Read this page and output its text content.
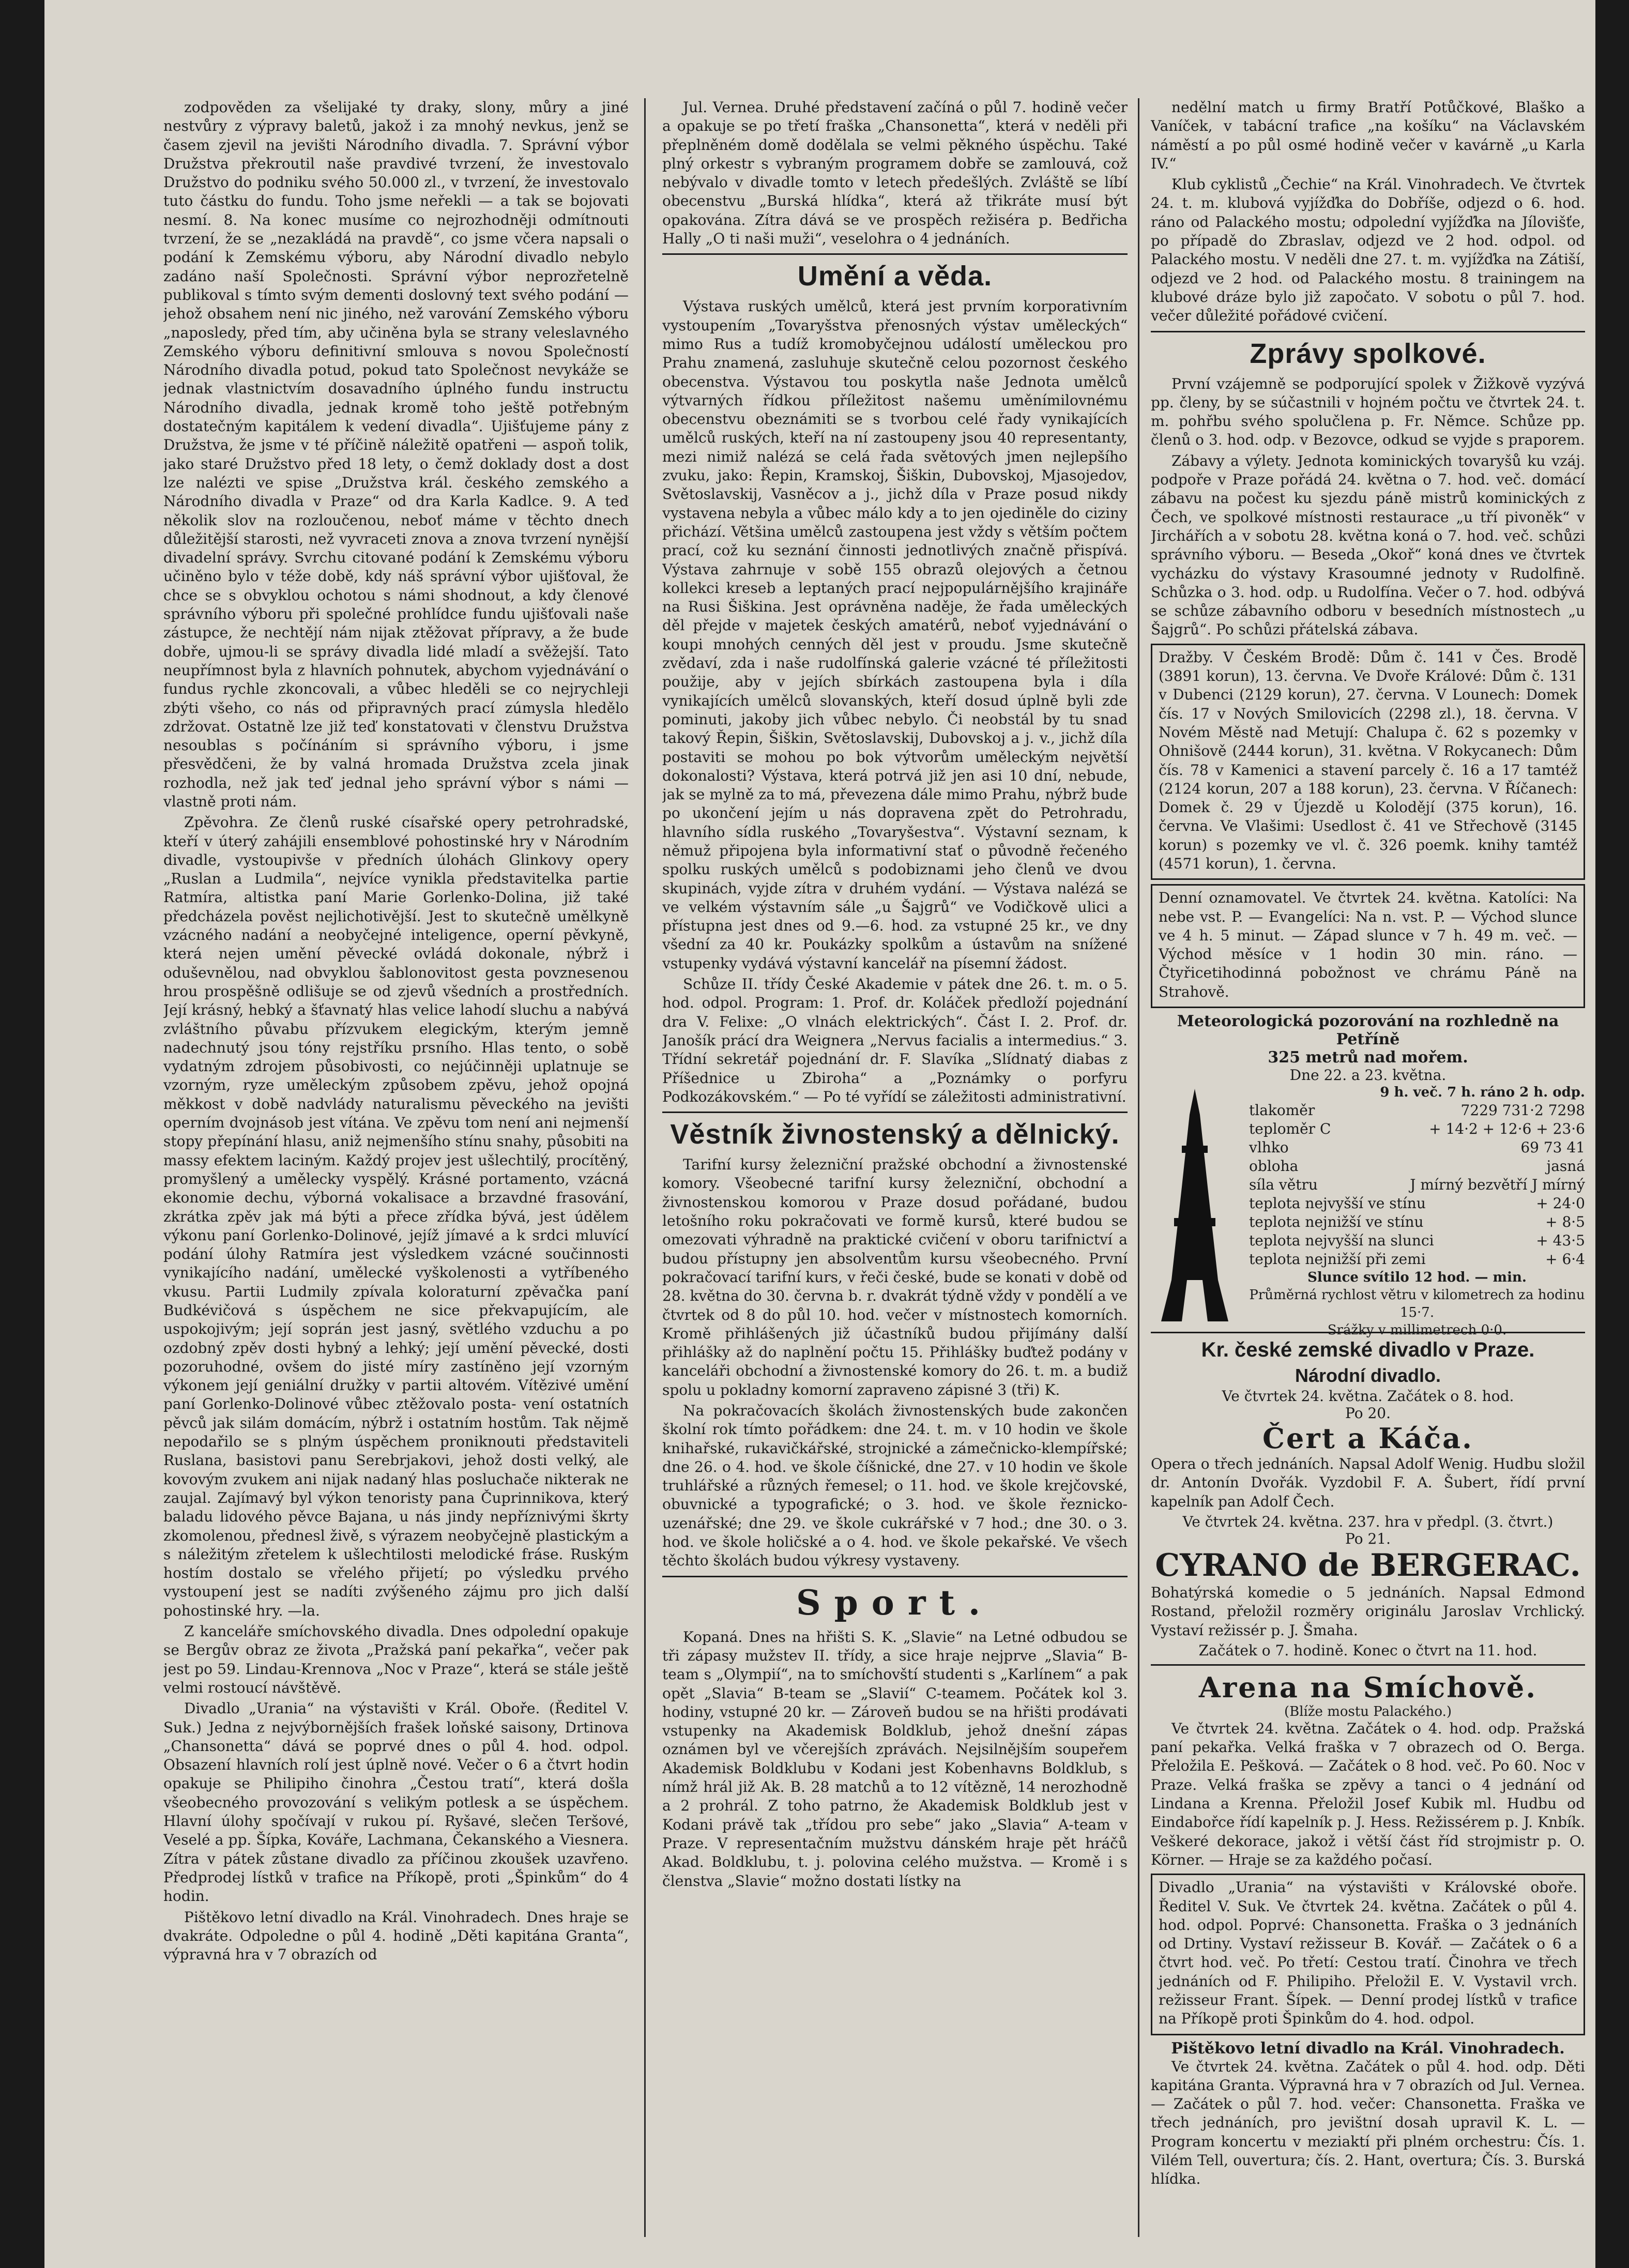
zodpověden za všelijaké ty draky, slony, můry a jiné nestvůry z výpravy baletů, jakož i za mnohý nevkus, jenž se časem zjevil na jevišti Národního divadla. 7. Správní výbor Družstva překroutil naše pravdivé tvrzení, že investovalo Družstvo do podniku svého 50.000 zl., v tvrzení, že investovalo tuto částku do fundu. Toho jsme neřekli — a tak se bojovati nesmí. 8. Na konec musíme co nejrozhodněji odmítnouti tvrzení, že se „nezakládá na pravdě“, co jsme včera napsali o podání k Zemskému výboru, aby Národní divadlo nebylo zadáno naší Společnosti. Správní výbor neprozřetelně publikoval s tímto svým dementi doslovný text svého podání — jehož obsahem není nic jiného, než varování Zemského výboru „naposledy, před tím, aby učiněna byla se strany veleslavného Zemského výboru definitivní smlouva s novou Společností Národního divadla potud, pokud tato Společnost nevykáže se jednak vlastnictvím dosavadního úplného fundu instructu Národního divadla, jednak kromě toho ještě potřebným dostatečným kapitálem k vedení divadla“. Ujišťujeme pány z Družstva, že jsme v té příčině náležitě opatřeni — aspoň tolik, jako staré Družstvo před 18 lety, o čemž doklady dost a dost lze nalézti ve spise „Družstva král. českého zemského a Národního divadla v Praze“ od dra Karla Kadlce. 9. A teď několik slov na rozloučenou, neboť máme v těchto dnech důležitější starosti, než vyvraceti znova a znova tvrzení nynější divadelní správy. Svrchu citované podání k Zemskému výboru učiněno bylo v téže době, kdy náš správní výbor ujišťoval, že chce se s obvyklou ochotou s námi shodnout, a kdy členové správního výboru při společné prohlídce fundu ujišťovali naše zástupce, že nechtějí nám nijak ztěžovat přípravy, a že bude dobře, ujmou-li se správy divadla lidé mladí a svěžejší. Tato neupřímnost byla z hlavních pohnutek, abychom vyjednávání o fundus rychle zkoncovali, a vůbec hleděli se co nejrychleji zbýti všeho, co nás od připravných prací zúmysla hledělo zdržovat. Ostatně lze již teď konstatovati v členstvu Družstva nesoublas s počínáním si správního výboru, i jsme přesvědčeni, že by valná hromada Družstva zcela jinak rozhodla, než jak teď jednal jeho správní výbor s námi — vlastně proti nám.

Zpěvohra. Ze členů ruské císařské opery petrohradské, kteří v úterý zahájili ensemblové pohostinské hry v Národním divadle, vystoupivše v předních úlohách Glinkovy opery „Ruslan a Ludmila“, nejvíce vynikla představitelka partie Ratmíra, altistka paní Marie Gorlenko-Dolina, již také předcházela pověst nejlichotivější. Jest to skutečně umělkyně vzácného nadání a neobyčejné inteligence, operní pěvkyně, která nejen umění pěvecké ovládá dokonale, nýbrž i oduševnělou, nad obvyklou šablonovitost gesta povznesenou hrou prospěšně odlišuje se od zjevů všedních a prostředních. Její krásný, hebký a šťavnatý hlas velice lahodí sluchu a nabývá zvláštního půvabu přízvukem elegickým, kterým jemně nadechnutý jsou tóny rejstříku prsního. Hlas tento, o sobě vydatným zdrojem působivosti, co nejúčinněji uplatnuje se vzorným, ryze uměleckým způsobem zpěvu, jehož opojná měkkost v době nadvlády naturalismu pěveckého na jevišti operním dvojnásob jest vítána. Ve zpěvu tom není ani nejmenší stopy přepínání hlasu, aniž nejmenšího stínu snahy, působiti na massy efektem laciným. Každý projev jest ušlechtilý, procítěný, promyšlený a umělecky vyspělý. Krásné portamento, vzácná ekonomie dechu, výborná vokalisace a brzavdné frasování, zkrátka zpěv jak má býti a přece zřídka bývá, jest údělem výkonu paní Gorlenko-Dolinové, jejíž jímavé a k srdci mluvící podání úlohy Ratmíra jest výsledkem vzácné součinnosti vynikajícího nadání, umělecké vyškolenosti a vytříbeného vkusu. Partii Ludmily zpívala koloraturní zpěvačka paní Budkévičová s úspěchem ne sice překvapujícím, ale uspokojivým; její soprán jest jasný, světlého vzduchu a po ozdobný zpěv dosti hybný a lehký; její umění pěvecké, dosti pozoruhodné, ovšem do jisté míry zastíněno její vzorným výkonem její geniální družky v partii altovém. Vítězivé umění paní Gorlenko-Dolinové vůbec ztěžovalo posta- vení ostatních pěvců jak silám domácím, nýbrž i ostatním hostům. Tak nějmě nepodařilo se s plným úspěchem proniknouti představiteli Ruslana, basistovi panu Serebrjakovi, jehož dosti velký, ale kovovým zvukem ani nijak nadaný hlas posluchače nikterak ne zaujal. Zajímavý byl výkon tenoristy pana Čuprinnikova, který baladu lidového pěvce Bajana, u nás jindy nepříznivými škrty zkomolenou, přednesl živě, s výrazem neobyčejně plastickým a s náležitým zřetelem k ušlechtilosti melodické fráse. Ruským hostím dostalo se vřelého přijetí; po výsledku prvého vystoupení jest se nadíti zvýšeného zájmu pro jich další pohostinské hry. —la.

Z kanceláře smíchovského divadla. Dnes odpolední opakuje se Bergův obraz ze života „Pražská paní pekařka“, večer pak jest po 59. Lindau-Krennova „Noc v Praze“, která se stále ještě velmi rostoucí návštěvě.

Divadlo „Urania“ na výstavišti v Král. Oboře. (Ředitel V. Suk.) Jedna z nejvýbornějších frašek loňské saisony, Drtinova „Chansonetta“ dává se poprvé dnes o půl 4. hod. odpol. Obsazení hlavních rolí jest úplně nové. Večer o 6 a čtvrt hodin opakuje se Philipiho činohra „Čestou tratí“, která došla všeobecného provozování s velikým potlesk a se úspěchem. Hlavní úlohy spočívají v rukou pí. Ryšavé, slečen Teršové, Veselé a pp. Šípka, Kováře, Lachmana, Čekanského a Viesnera. Zítra v pátek zůstane divadlo za příčinou zkoušek uzavřeno. Předprodej lístků v trafice na Příkopě, proti „Špinkům“ do 4 hodin.

Pištěkovo letní divadlo na Král. Vinohradech. Dnes hraje se dvakráte. Odpoledne o půl 4. hodině „Děti kapitána Granta“, výpravná hra v 7 obrazích od

Jul. Vernea. Druhé představení začíná o půl 7. hodině večer a opakuje se po třetí fraška „Chansonetta“, která v neděli při přeplněném domě dodělala se velmi pěkného úspěchu. Také plný orkestr s vybraným programem dobře se zamlouvá, což nebývalo v divadle tomto v letech předešlých. Zvláště se líbí obecenstvu „Burská hlídka“, která až třikráte musí být opakována. Zítra dává se ve prospěch režiséra p. Bedřicha Hally „O ti naši muži“, veselohra o 4 jednáních.

Umění a věda.

Výstava ruských umělců, která jest prvním korporativním vystoupením „Tovaryšstva přenosných výstav uměleckých“ mimo Rus a tudíž kromobyčejnou událostí uměleckou pro Prahu znamená, zasluhuje skutečně celou pozornost českého obecenstva. Výstavou tou poskytla naše Jednota umělců výtvarných řídkou příležitost našemu uměnímilovnému obecenstvu obeznámiti se s tvorbou celé řady vynikajících umělců ruských, kteří na ní zastoupeny jsou 40 representanty, mezi nimiž nalézá se celá řada světových jmen nejlepšího zvuku, jako: Řepin, Kramskoj, Šiškin, Dubovskoj, Mjasojedov, Světoslavskij, Vasněcov a j., jichž díla v Praze posud nikdy vystavena nebyla a vůbec málo kdy a to jen ojediněle do ciziny přichází. Většina umělců zastoupena jest vždy s větším počtem prací, což ku seznání činnosti jednotlivých značně přispívá. Výstava zahrnuje v sobě 155 obrazů olejových a četnou kollekci kreseb a leptaných prací nejpopulárnějšího krajináře na Rusi Šiškina. Jest oprávněna naděje, že řada uměleckých děl přejde v majetek českých amatérů, neboť vyjednávání o koupi mnohých cenných děl jest v proudu. Jsme skutečně zvědaví, zda i naše rudolfínská galerie vzácné té příležitosti použije, aby v jejích sbírkách zastoupena byla i díla vynikajících umělců slovanských, kteří dosud úplně byli zde pominuti, jakoby jich vůbec nebylo. Či neobstál by tu snad takový Řepin, Šiškin, Světoslavskij, Dubovskoj a j. v., jichž díla postaviti se mohou po bok výtvorům uměleckým největší dokonalosti? Výstava, která potrvá již jen asi 10 dní, nebude, jak se mylně za to má, převezena dále mimo Prahu, nýbrž bude po ukončení jejím u nás dopravena zpět do Petrohradu, hlavního sídla ruského „Tovaryšestva“. Výstavní seznam, k němuž připojena byla informativní stať o původně řečeného spolku ruských umělců s podobiznami jeho členů ve dvou skupinách, vyjde zítra v druhém vydání. — Výstava nalézá se ve velkém výstavním sále „u Šajgrů“ ve Vodičkově ulici a přístupna jest dnes od 9.—6. hod. za vstupné 25 kr., ve dny všední za 40 kr. Poukázky spolkům a ústavům na snížené vstupenky vydává výstavní kancelář na písemní žádost.

Schůze II. třídy České Akademie v pátek dne 26. t. m. o 5. hod. odpol. Program: 1. Prof. dr. Koláček předloží pojednání dra V. Felixe: „O vlnách elektrických“. Část I. 2. Prof. dr. Janošík prácí dra Weignera „Nervus facialis a intermedius.“ 3. Třídní sekretář pojednání dr. F. Slavíka „Slídnatý diabas z Příšednice u Zbiroha“ a „Poznámky o porfyru Podkozákovském.“ — Po té vyřídí se záležitosti administrativní.

Věstník živnostenský a dělnický.

Tarifní kursy železniční pražské obchodní a živnostenské komory. Všeobecné tarifní kursy železniční, obchodní a živnostenskou komorou v Praze dosud pořádané, budou letošního roku pokračovati ve formě kursů, které budou se omezovati výhradně na praktické cvičení v oboru tarifnictví a budou přístupny jen absolventům kursu všeobecného. První pokračovací tarifní kurs, v řeči české, bude se konati v době od 28. května do 30. června b. r. dvakrát týdně vždy v pondělí a ve čtvrtek od 8 do půl 10. hod. večer v místnostech komorních. Kromě přihlášených již účastníků budou přijímány další přihlášky až do naplnění počtu 15. Přihlášky buďtež podány v kanceláři obchodní a živnostenské komory do 26. t. m. a budiž spolu u pokladny komorní zapraveno zápisné 3 (tři) K.

Na pokračovacích školách živnostenských bude zakončen školní rok tímto pořádkem: dne 24. t. m. v 10 hodin ve škole knihařské, rukavičkářské, strojnické a zámečnicko-klempířské; dne 26. o 4. hod. ve škole číšnické, dne 27. v 10 hodin ve škole truhlářské a různých řemesel; o 11. hod. ve škole krejčovské, obuvnické a typografické; o 3. hod. ve škole řeznicko-uzenářské; dne 29. ve škole cukrářské v 7 hod.; dne 30. o 3. hod. ve škole holičské a o 4. hod. ve škole pekařské. Ve všech těchto školách budou výkresy vystaveny.

Sport.

Kopaná. Dnes na hřišti S. K. „Slavie“ na Letné odbudou se tři zápasy mužstev II. třídy, a sice hraje nejprve „Slavia“ B-team s „Olympií“, na to smíchovští studenti s „Karlínem“ a pak opět „Slavia“ B-team se „Slavií“ C-teamem. Počátek kol 3. hodiny, vstupné 20 kr. — Zároveň budou se na hřišti prodávati vstupenky na Akademisk Boldklub, jehož dnešní zápas oznámen byl ve včerejších zprávách. Nejsilnějším soupeřem Akademisk Boldklubu v Kodani jest Kobenhavns Boldklub, s nímž hrál již Ak. B. 28 matchů a to 12 vítězně, 14 nerozhodně a 2 prohrál. Z toho patrno, že Akademisk Boldklub jest v Kodani právě tak „třídou pro sebe“ jako „Slavia“ A-team v Praze. V representačním mužstvu dánském hraje pět hráčů Akad. Boldklubu, t. j. polovina celého mužstva. — Kromě i s členstva „Slavie“ možno dostati lístky na

nedělní match u firmy Bratří Potůčkové, Blaško a Vaníček, v tabácní trafice „na košíku“ na Václavském náměstí a po půl osmé hodině večer v kavárně „u Karla IV.“

Klub cyklistů „Čechie“ na Král. Vinohradech. Ve čtvrtek 24. t. m. klubová vyjížďka do Dobříše, odjezd o 6. hod. ráno od Palackého mostu; odpolední vyjížďka na Jílovišťe, po případě do Zbraslav, odjezd ve 2 hod. odpol. od Palackého mostu. V neděli dne 27. t. m. vyjížďka na Zátiší, odjezd ve 2 hod. od Palackého mostu. 8 trainingem na klubové dráze bylo již započato. V sobotu o půl 7. hod. večer důležité pořádové cvičení.

Zprávy spolkové.

První vzájemně se podporující spolek v Žižkově vyzývá pp. členy, by se súčastnili v hojném počtu ve čtvrtek 24. t. m. pohřbu svého spolučlena p. Fr. Němce. Schůze pp. členů o 3. hod. odp. v Bezovce, odkud se vyjde s praporem.

Zábavy a výlety. Jednota kominických tovaryšů ku vzáj. podpoře v Praze pořádá 24. května o 7. hod. več. domácí zábavu na počest ku sjezdu páně mistrů kominických z Čech, ve spolkové místnosti restaurace „u tří pivoněk“ v Jirchářích a v sobotu 28. května koná o 7. hod. več. schůzi správního výboru. — Beseda „Okoř“ koná dnes ve čtvrtek vycházku do výstavy Krasoumné jednoty v Rudolfině. Schůzka o 3. hod. odp. u Rudolfína. Večer o 7. hod. odbývá se schůze zábavního odboru v besedních místnostech „u Šajgrů“. Po schůzi přátelská zábava.

Dražby. V Českém Brodě: Dům č. 141 v Čes. Brodě (3891 korun), 13. června. Ve Dvoře Králové: Dům č. 131 v Dubenci (2129 korun), 27. června. V Lounech: Domek čís. 17 v Nových Smilovicích (2298 zl.), 18. června. V Novém Městě nad Metují: Chalupa č. 62 s pozemky v Ohnišově (2444 korun), 31. května. V Rokycanech: Dům čís. 78 v Kamenici a stavení parcely č. 16 a 17 tamtéž (2124 korun, 207 a 188 korun), 23. června. V Říčanech: Domek č. 29 v Újezdě u Kolodějí (375 korun), 16. června. Ve Vlašimi: Usedlost č. 41 ve Střechově (3145 korun) s pozemky ve vl. č. 326 poemk. knihy tamtéž (4571 korun), 1. června.

Denní oznamovatel. Ve čtvrtek 24. května. Katolíci: Na nebe vst. P. — Evangelíci: Na n. vst. P. — Východ slunce ve 4 h. 5 minut. — Západ slunce v 7 h. 49 m. več. — Východ měsíce v 1 hodin 30 min. ráno. — Čtyřicetihodinná pobožnost ve chrámu Páně na Strahově.

Meteorologická pozorování na rozhledně na Petříně
325 metrů nad mořem.
Dne 22. a 23. května.
9 h. več. 7 h. ráno 2 h. odp.
tlakoměr	7229 731·2 7298
teploměr C	+ 14·2 + 12·6 + 23·6
vlhko	69 73 41
obloha	jasná
síla větru	J mírný bezvětří J mírný
teplota nejvyšší ve stínu	+ 24·0
teplota nejnižší ve stínu	+ 8·5
teplota nejvyšší na slunci	+ 43·5
teplota nejnižší při zemi	+ 6·4
Slunce svítilo 12 hod. — min.
Průměrná rychlost větru v kilometrech za hodinu 15·7.
Srážky v millimetrech 0·0.
Kr. české zemské divadlo v Praze.
Národní divadlo.
Ve čtvrtek 24. května. Začátek o 8. hod.
Po 20.
Čert a Káča.

Opera o třech jednáních. Napsal Adolf Wenig. Hudbu složil dr. Antonín Dvořák. Vyzdobil F. A. Šubert, řídí první kapelník pan Adolf Čech.

Ve čtvrtek 24. května. 237. hra v předpl. (3. čtvrt.)
Po 21.
CYRANO de BERGERAC.

Bohatýrská komedie o 5 jednáních. Napsal Edmond Rostand, přeložil rozměry originálu Jaroslav Vrchlický. Vystaví režissér p. J. Šmaha.

Začátek o 7. hodině. Konec o čtvrt na 11. hod.
Arena na Smíchově.
(Blíže mostu Palackého.)

Ve čtvrtek 24. května. Začátek o 4. hod. odp. Pražská paní pekařka. Velká fraška v 7 obrazech od O. Berga. Přeložila E. Pešková. — Začátek o 8 hod. več. Po 60. Noc v Praze. Velká fraška se zpěvy a tanci o 4 jednání od Lindana a Krenna. Přeložil Josef Kubik ml. Hudbu od Eindabořce řídí kapelník p. J. Hess. Režissérem p. J. Knbík. Veškeré dekorace, jakož i větší část říd strojmistr p. O. Körner. — Hraje se za každého počasí.

Divadlo „Urania“ na výstavišti v Královské oboře. Ředitel V. Suk. Ve čtvrtek 24. května. Začátek o půl 4. hod. odpol. Poprvé: Chansonetta. Fraška o 3 jednáních od Drtiny. Vystaví režisseur B. Kovář. — Začátek o 6 a čtvrt hod. več. Po třetí: Cestou tratí. Činohra ve třech jednáních od F. Philipiho. Přeložil E. V. Vystavil vrch. režisseur Frant. Šípek. — Denní prodej lístků v trafice na Příkopě proti Špinkům do 4. hod. odpol.

Pištěkovo letní divadlo na Král. Vinohradech.

Ve čtvrtek 24. května. Začátek o půl 4. hod. odp. Děti kapitána Granta. Výpravná hra v 7 obrazích od Jul. Vernea. — Začátek o půl 7. hod. večer: Chansonetta. Fraška ve třech jednáních, pro jevištní dosah upravil K. L. — Program koncertu v meziaktí při plném orchestru: Čís. 1. Vilém Tell, ouvertura; čís. 2. Hant, overtura; Čís. 3. Burská hlídka.
